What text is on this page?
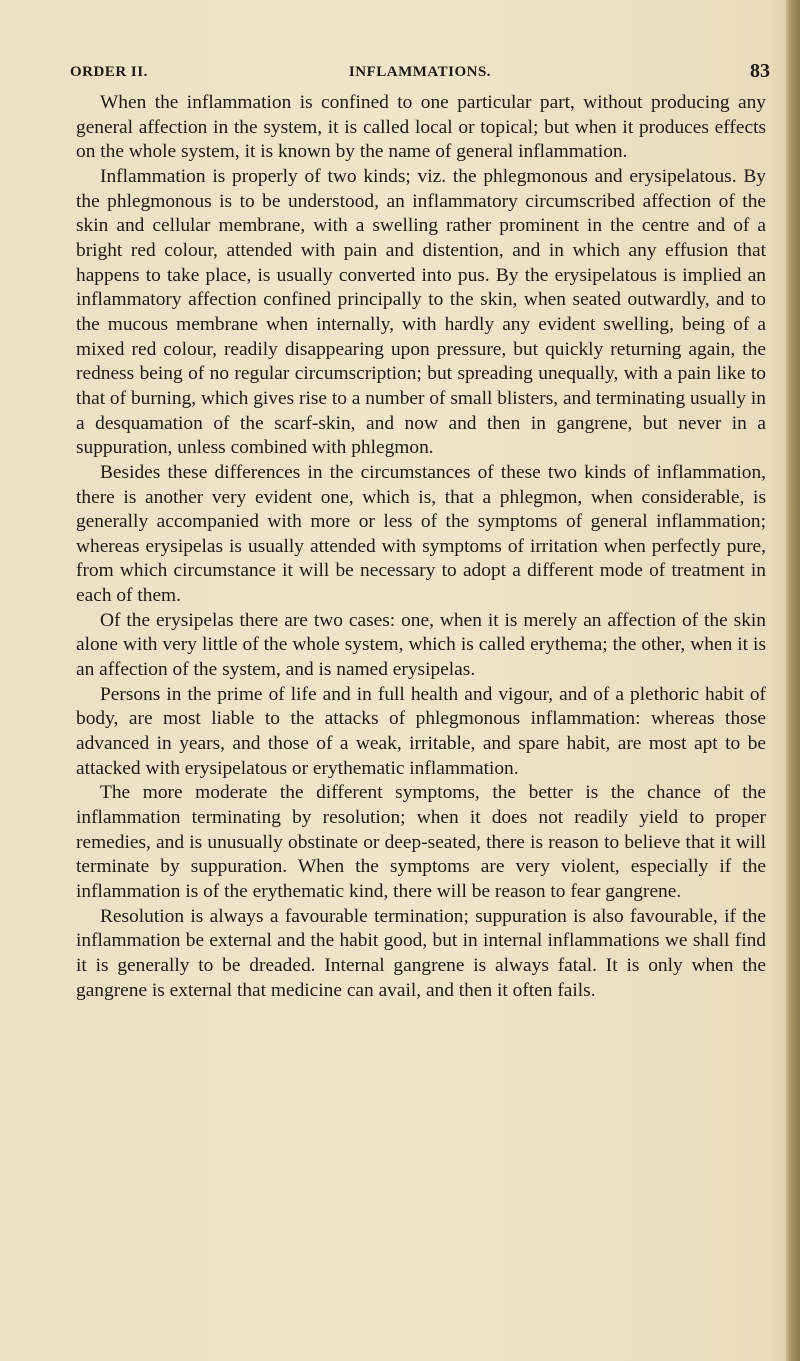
ORDER II.	INFLAMMATIONS.	83

When the inflammation is confined to one particular part, without producing any general affection in the system, it is called local or topical; but when it produces effects on the whole system, it is known by the name of general inflammation.

Inflammation is properly of two kinds; viz. the phlegmonous and erysipelatous. By the phlegmonous is to be understood, an inflammatory circumscribed affection of the skin and cellular membrane, with a swelling rather prominent in the centre and of a bright red colour, attended with pain and distention, and in which any effusion that happens to take place, is usually converted into pus. By the erysipelatous is implied an inflammatory affection confined principally to the skin, when seated outwardly, and to the mucous membrane when internally, with hardly any evident swelling, being of a mixed red colour, readily disappearing upon pressure, but quickly returning again, the redness being of no regular circumscription; but spreading unequally, with a pain like to that of burning, which gives rise to a number of small blisters, and terminating usually in a desquamation of the scarf-skin, and now and then in gangrene, but never in a suppuration, unless combined with phlegmon.

Besides these differences in the circumstances of these two kinds of inflammation, there is another very evident one, which is, that a phlegmon, when considerable, is generally accompanied with more or less of the symptoms of general inflammation; whereas erysipelas is usually attended with symptoms of irritation when perfectly pure, from which circumstance it will be necessary to adopt a different mode of treatment in each of them.

Of the erysipelas there are two cases: one, when it is merely an affection of the skin alone with very little of the whole system, which is called erythema; the other, when it is an affection of the system, and is named erysipelas.

Persons in the prime of life and in full health and vigour, and of a plethoric habit of body, are most liable to the attacks of phlegmonous inflammation: whereas those advanced in years, and those of a weak, irritable, and spare habit, are most apt to be attacked with erysipelatous or erythematic inflammation.

The more moderate the different symptoms, the better is the chance of the inflammation terminating by resolution; when it does not readily yield to proper remedies, and is unusually obstinate or deep-seated, there is reason to believe that it will terminate by suppuration. When the symptoms are very violent, especially if the inflammation is of the erythematic kind, there will be reason to fear gangrene.

Resolution is always a favourable termination; suppuration is also favourable, if the inflammation be external and the habit good, but in internal inflammations we shall find it is generally to be dreaded. Internal gangrene is always fatal. It is only when the gangrene is external that medicine can avail, and then it often fails.
